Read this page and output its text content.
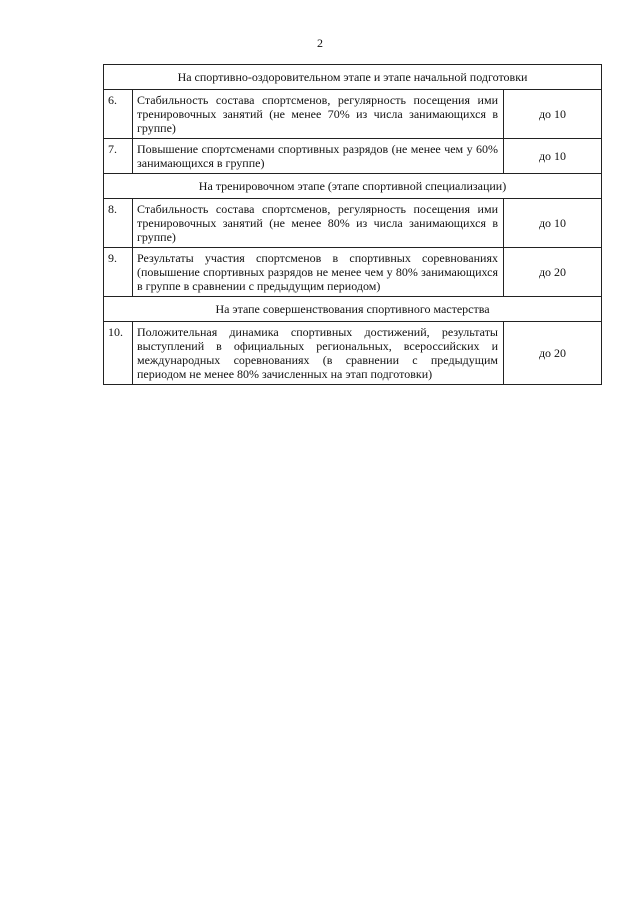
2
На спортивно-оздоровительном этапе и этапе начальной подготовки		
6.	Стабильность состава спортсменов, регулярность посещения ими тренировочных занятий (не менее 70% из числа занимающихся в группе)	до 10
7.	Повышение спортсменами спортивных разрядов (не менее чем у 60% занимающихся в группе)	до 10
На тренировочном этапе (этапе спортивной специализации)		
8.	Стабильность состава спортсменов, регулярность посещения ими тренировочных занятий (не менее 80% из числа занимающихся в группе)	до 10
9.	Результаты участия спортсменов в спортивных соревнованиях (повышение спортивных разрядов не менее чем у 80% занимающихся в группе в сравнении с предыдущим периодом)	до 20
На этапе совершенствования спортивного мастерства		
10.	Положительная динамика спортивных достижений, результаты выступлений в официальных региональных, всероссийских и международных соревнованиях (в сравнении с предыдущим периодом не менее 80% зачисленных на этап подготовки)	до 20
